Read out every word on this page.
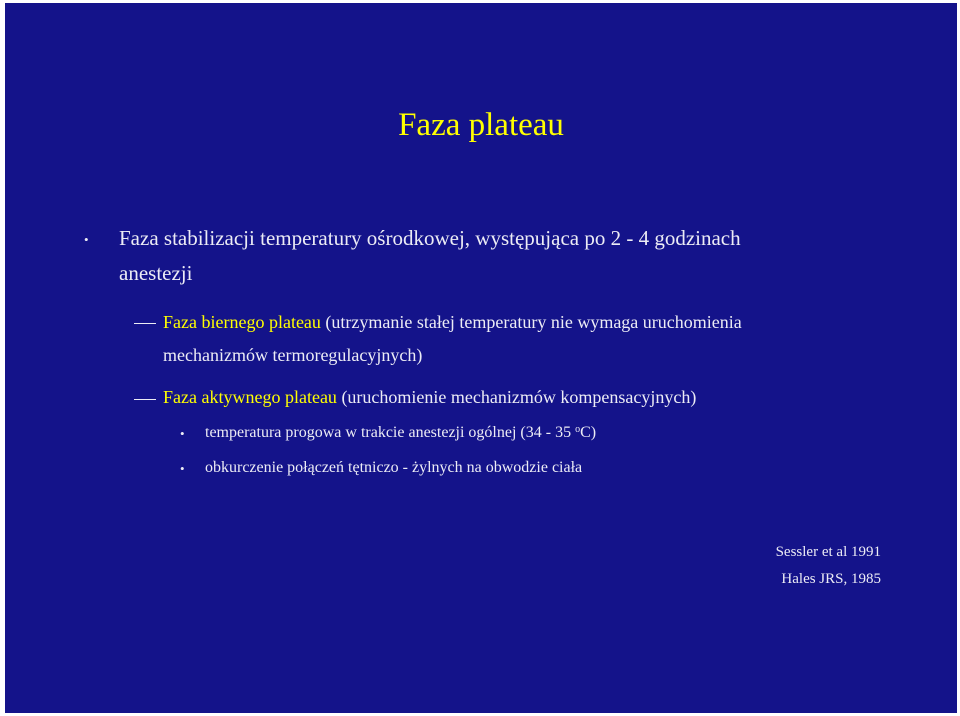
Faza plateau
• Faza stabilizacji temperatury ośrodkowej, występująca po 2 - 4 godzinach
anestezji
Faza biernego plateau (utrzymanie stałej temperatury nie wymaga uruchomienia
mechanizmów termoregulacyjnych)
Faza aktywnego plateau (uruchomienie mechanizmów kompensacyjnych)
• temperatura progowa w trakcie anestezji ogólnej (34 - 35 $^o$C)
• obkurczenie połączeń tętniczo - żylnych na obwodzie ciała
Sessler et al 1991
Hales JRS, 1985
